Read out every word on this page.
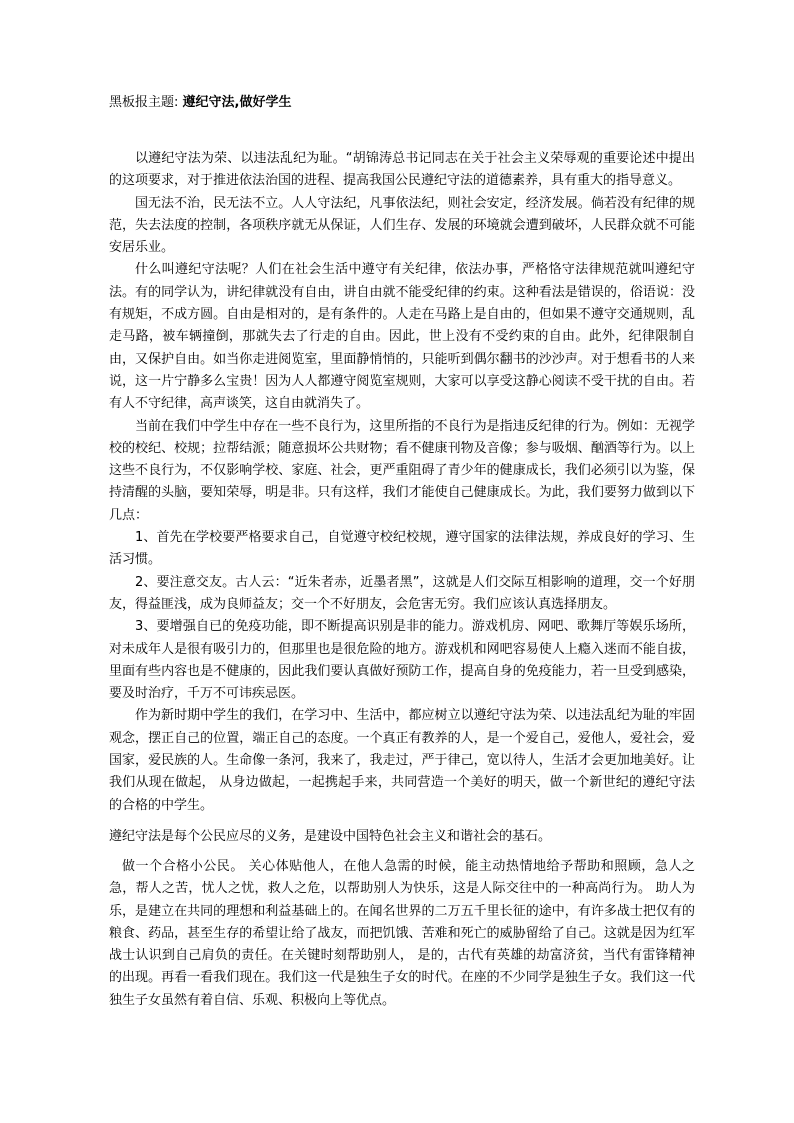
黑板报主题: 遵纪守法,做好学生

以遵纪守法为荣、以违法乱纪为耻。“胡锦涛总书记同志在关于社会主义荣辱观的重要论述中提出的这项要求，对于推进依法治国的进程、提高我国公民遵纪守法的道德素养，具有重大的指导意义。

国无法不治，民无法不立。人人守法纪，凡事依法纪，则社会安定，经济发展。倘若没有纪律的规范，失去法度的控制，各项秩序就无从保证，人们生存、发展的环境就会遭到破坏，人民群众就不可能安居乐业。

什么叫遵纪守法呢？人们在社会生活中遵守有关纪律，依法办事，严格恪守法律规范就叫遵纪守法。有的同学认为，讲纪律就没有自由，讲自由就不能受纪律的约束。这种看法是错误的，俗语说：没有规矩，不成方圆。自由是相对的，是有条件的。人走在马路上是自由的，但如果不遵守交通规则，乱走马路，被车辆撞倒，那就失去了行走的自由。因此，世上没有不受约束的自由。此外，纪律限制自由，又保护自由。如当你走进阅览室，里面静悄悄的，只能听到偶尔翻书的沙沙声。对于想看书的人来说，这一片宁静多么宝贵！因为人人都遵守阅览室规则，大家可以享受这静心阅读不受干扰的自由。若有人不守纪律，高声谈笑，这自由就消失了。

当前在我们中学生中存在一些不良行为，这里所指的不良行为是指违反纪律的行为。例如：无视学校的校纪、校规；拉帮结派；随意损坏公共财物；看不健康刊物及音像；参与吸烟、酗酒等行为。以上这些不良行为，不仅影响学校、家庭、社会，更严重阻碍了青少年的健康成长，我们必须引以为鉴，保持清醒的头脑，要知荣辱，明是非。只有这样，我们才能使自己健康成长。为此，我们要努力做到以下几点：

1、首先在学校要严格要求自己，自觉遵守校纪校规，遵守国家的法律法规，养成良好的学习、生活习惯。

2、要注意交友。古人云：“近朱者赤，近墨者黑”，这就是人们交际互相影响的道理，交一个好朋友，得益匪浅，成为良师益友；交一个不好朋友，会危害无穷。我们应该认真选择朋友。

3、要增强自已的免疫功能，即不断提高识别是非的能力。游戏机房、网吧、歌舞厅等娱乐场所，对未成年人是很有吸引力的，但那里也是很危险的地方。游戏机和网吧容易使人上瘾入迷而不能自拔，里面有些内容也是不健康的，因此我们要认真做好预防工作，提高自身的免疫能力，若一旦受到感染，要及时治疗，千万不可讳疾忌医。

作为新时期中学生的我们，在学习中、生活中，都应树立以遵纪守法为荣、以违法乱纪为耻的牢固观念，摆正自己的位置，端正自己的态度。一个真正有教养的人，是一个爱自己，爱他人，爱社会，爱国家，爱民族的人。生命像一条河，我来了，我走过，严于律己，宽以待人，生活才会更加地美好。让我们从现在做起， 从身边做起，一起携起手来，共同营造一个美好的明天，做一个新世纪的遵纪守法的合格的中学生。

遵纪守法是每个公民应尽的义务，是建设中国特色社会主义和谐社会的基石。

做一个合格小公民。 关心体贴他人，在他人急需的时候，能主动热情地给予帮助和照顾，急人之急，帮人之苦，忧人之忧，救人之危，以帮助别人为快乐，这是人际交往中的一种高尚行为。 助人为乐，是建立在共同的理想和利益基础上的。在闻名世界的二万五千里长征的途中，有许多战士把仅有的粮食、药品，甚至生存的希望让给了战友，而把饥饿、苦难和死亡的威胁留给了自己。这就是因为红军战士认识到自己肩负的责任。在关键时刻帮助别人， 是的，古代有英雄的劫富济贫，当代有雷锋精神的出现。再看一看我们现在。我们这一代是独生子女的时代。在座的不少同学是独生子女。我们这一代独生子女虽然有着自信、乐观、积极向上等优点。
